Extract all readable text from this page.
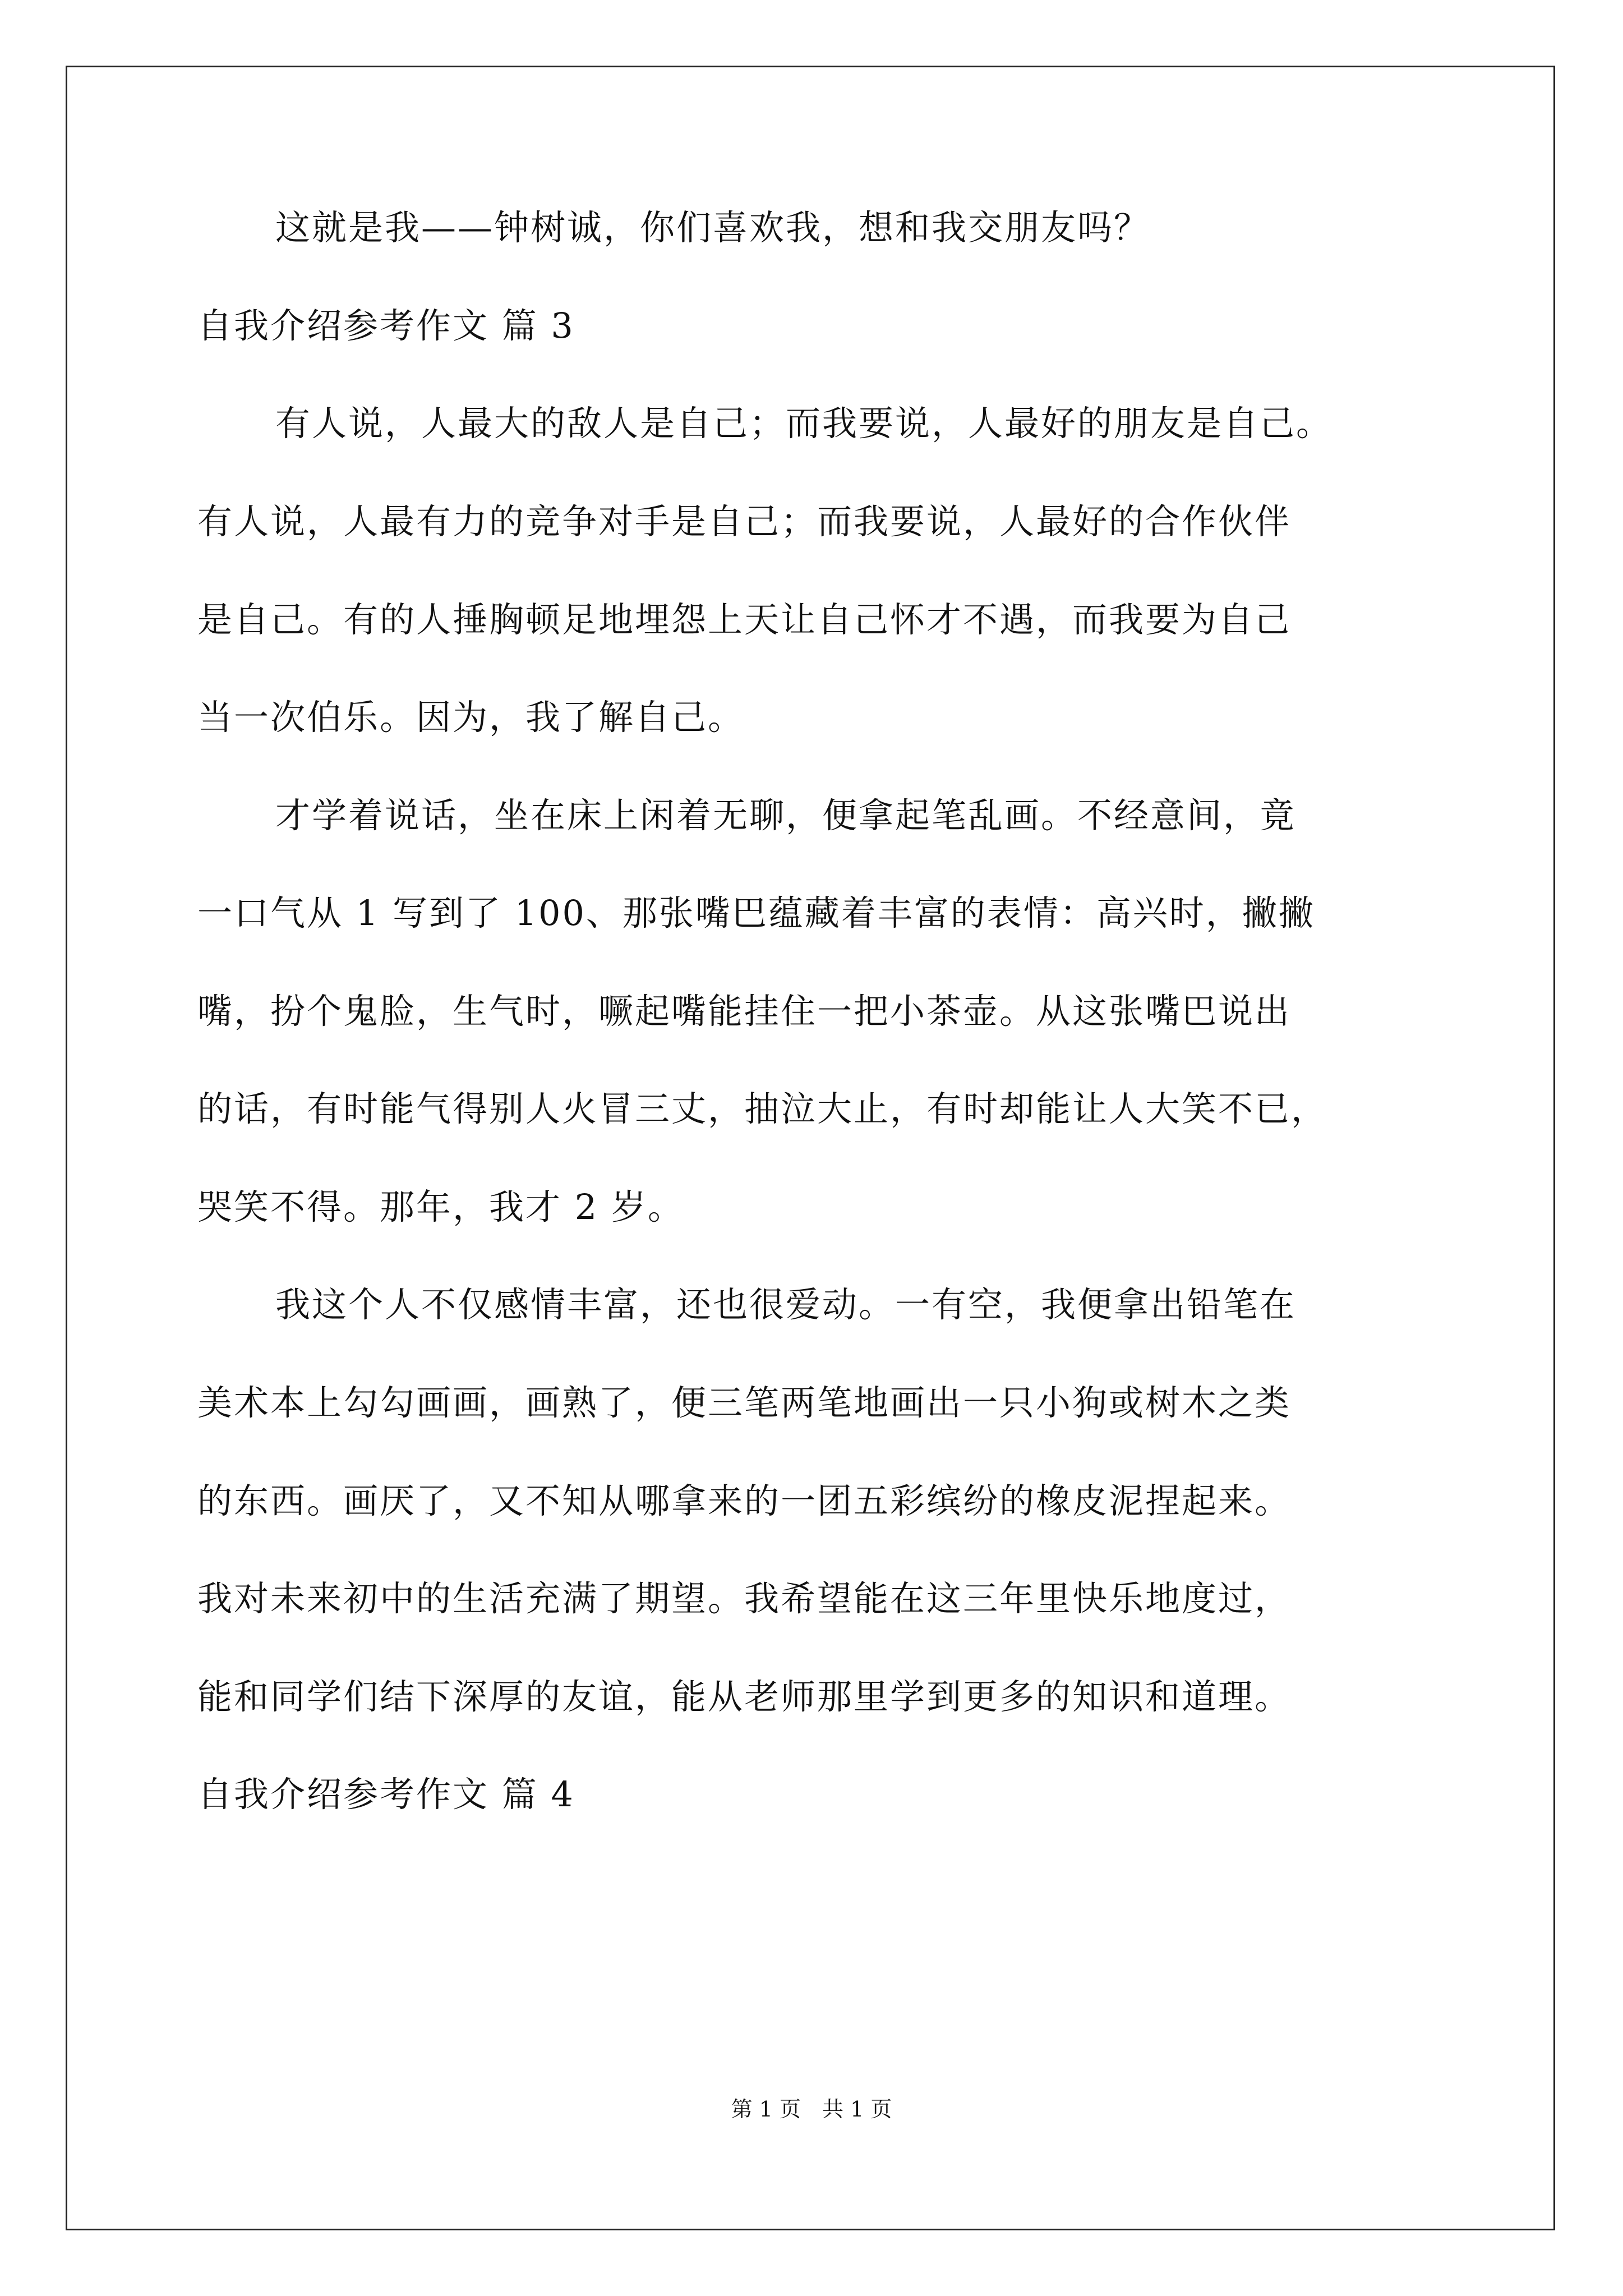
这就是我——钟树诚，你们喜欢我，想和我交朋友吗？
自我介绍参考作文 篇 3
有人说，人最大的敌人是自己；而我要说，人最好的朋友是自己。
有人说，人最有力的竞争对手是自己；而我要说，人最好的合作伙伴
是自己。有的人捶胸顿足地埋怨上天让自己怀才不遇，而我要为自己
当一次伯乐。因为，我了解自己。
才学着说话，坐在床上闲着无聊，便拿起笔乱画。不经意间，竟
一口气从 1 写到了 100、那张嘴巴蕴藏着丰富的表情：高兴时，撇撇
嘴，扮个鬼脸，生气时，噘起嘴能挂住一把小茶壶。从这张嘴巴说出
的话，有时能气得别人火冒三丈，抽泣大止，有时却能让人大笑不已，
哭笑不得。那年，我才 2 岁。
我这个人不仅感情丰富，还也很爱动。一有空，我便拿出铅笔在
美术本上勾勾画画，画熟了，便三笔两笔地画出一只小狗或树木之类
的东西。画厌了，又不知从哪拿来的一团五彩缤纷的橡皮泥捏起来。
我对未来初中的生活充满了期望。我希望能在这三年里快乐地度过，
能和同学们结下深厚的友谊，能从老师那里学到更多的知识和道理。
自我介绍参考作文 篇 4
第 1 页　共 1 页
